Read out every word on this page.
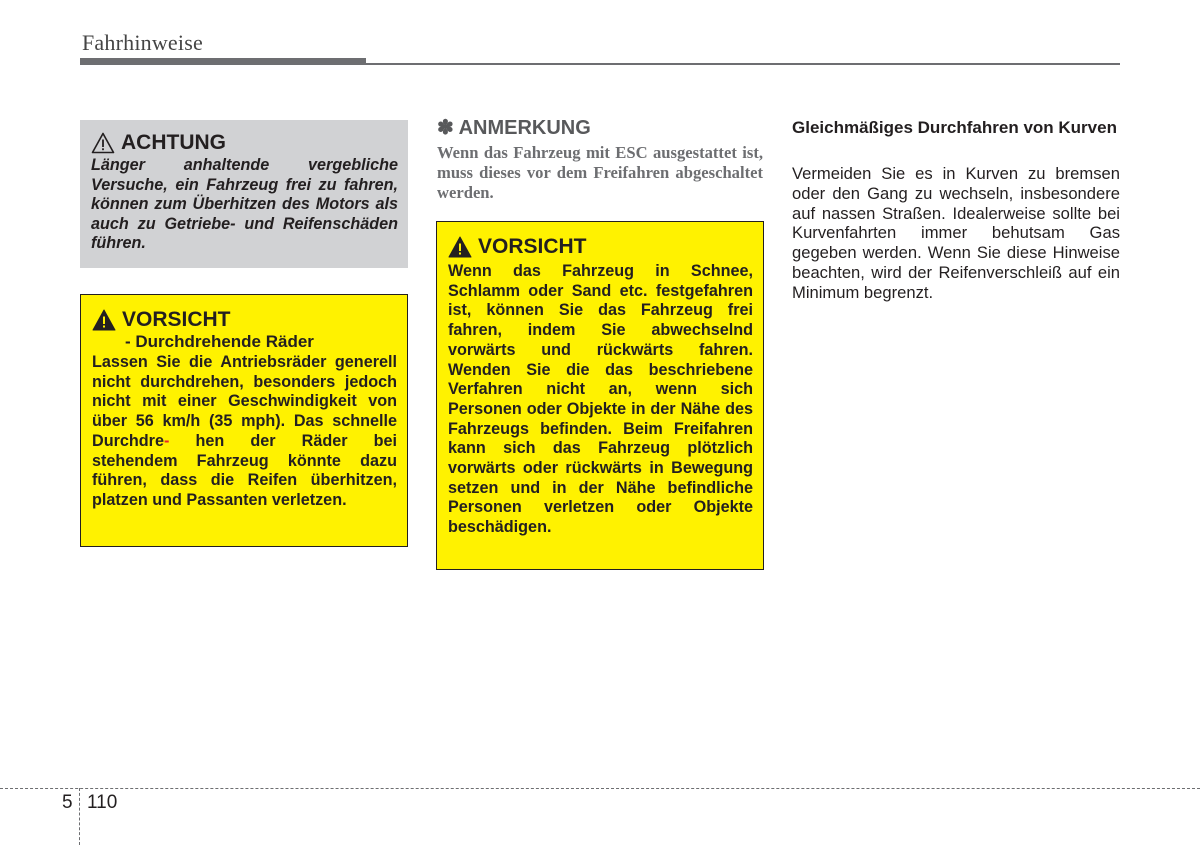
Fahrhinweise
ACHTUNG
Länger anhaltende vergebliche Versuche, ein Fahrzeug frei zu fahren, können zum Überhitzen des Motors als auch zu Getriebe- und Reifenschäden führen.
VORSICHT
- Durchdrehende Räder
Lassen Sie die Antriebsräder generell nicht durchdrehen, besonders jedoch nicht mit einer Geschwindigkeit von über 56 km/h (35 mph). Das schnelle Durchdre- hen der Räder bei stehendem Fahrzeug könnte dazu führen, dass die Reifen überhitzen, platzen und Passanten verletzen.
✽ ANMERKUNG
Wenn das Fahrzeug mit ESC ausgestattet ist, muss dieses vor dem Freifahren abgeschaltet werden.
VORSICHT
Wenn das Fahrzeug in Schnee, Schlamm oder Sand etc. festgefahren ist, können Sie das Fahrzeug frei fahren, indem Sie abwechselnd vorwärts und rückwärts fahren. Wenden Sie die das beschriebene Verfahren nicht an, wenn sich Personen oder Objekte in der Nähe des Fahrzeugs befinden. Beim Freifahren kann sich das Fahrzeug plötzlich vorwärts oder rückwärts in Bewegung setzen und in der Nähe befindliche Personen verletzen oder Objekte beschädigen.
Gleichmäßiges Durchfahren von Kurven
Vermeiden Sie es in Kurven zu bremsen oder den Gang zu wechseln, insbesondere auf nassen Straßen. Idealerweise sollte bei Kurvenfahrten immer behutsam Gas gegeben werden. Wenn Sie diese Hinweise beachten, wird der Reifenverschleiß auf ein Minimum begrenzt.
5 110
